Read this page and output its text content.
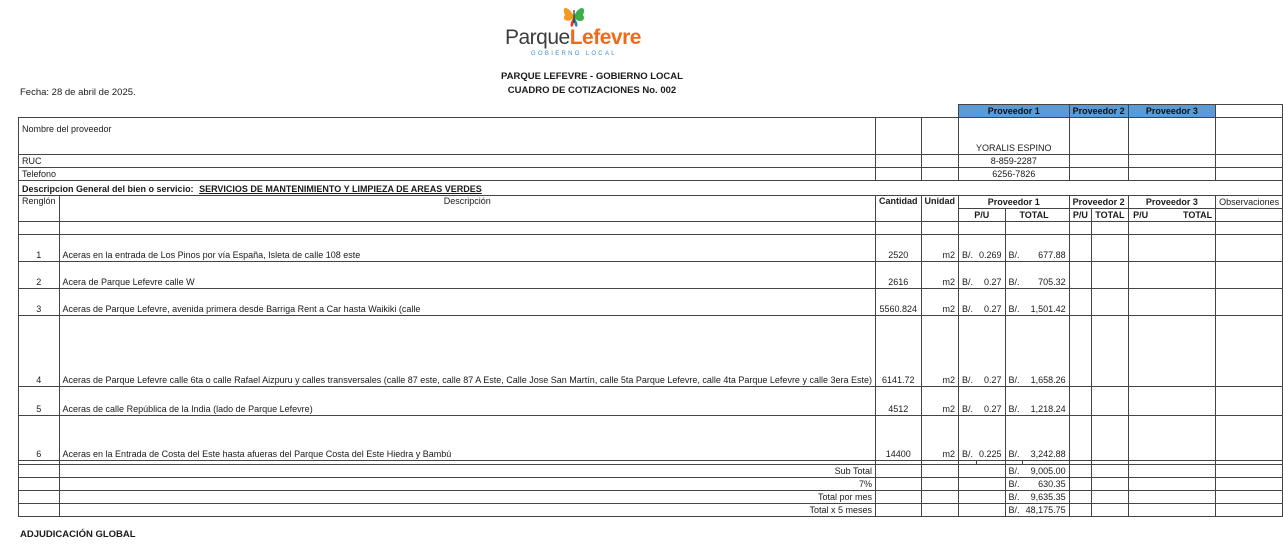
ParqueLefevre
GOBIERNO LOCAL
PARQUE LEFEVRE - GOBIERNO LOCAL
CUADRO DE COTIZACIONES No. 002
Fecha: 28 de abril de 2025.
				Proveedor 1				Proveedor 2		Proveedor 3	
Nombre del proveedor				YORALIS ESPINO							
RUC				8-859-2287							
Telefono				6256-7826							
Descripcion General del bien o servicio: SERVICIOS DE MANTENIMIENTO Y LIMPIEZA DE AREAS VERDES											
Renglón	Descripción	Cantidad	Unidad	Proveedor 1				Proveedor 2		Proveedor 3	Observaciones
				P/U		TOTAL		P/U	TOTAL	P/U TOTAL	

1	Aceras en la entrada de Los Pinos por vía España, Isleta de calle 108 este	2520	m2	B/.	0.269	B/.	677.88				
2	Acera de Parque Lefevre calle W	2616	m2	B/.	0.27	B/.	705.32				
3	Aceras de Parque Lefevre, avenida primera desde Barriga Rent a Car hasta Waikiki (calle	5560.824	m2	B/.	0.27	B/.	1,501.42				
4	Aceras de Parque Lefevre calle 6ta o calle Rafael Aizpuru y calles transversales (calle 87 este, calle 87 A Este, Calle Jose San Martín, calle 5ta Parque Lefevre, calle 4ta Parque Lefevre y calle 3era Este)	6141.72	m2	B/.	0.27	B/.	1,658.26				
5	Aceras de calle República de la India (lado de Parque Lefevre)	4512	m2	B/.	0.27	B/.	1,218.24				
6	Aceras en la Entrada de Costa del Este hasta afueras del Parque Costa del Este Hiedra y Bambú	14400	m2	B/.	0.225	B/.	3,242.88				

	Sub Total					B/.	9,005.00				
	7%					B/.	630.35				
	Total por mes					B/.	9,635.35				
	Total x 5 meses					B/.	48,175.75				
ADJUDICACIÓN GLOBAL
